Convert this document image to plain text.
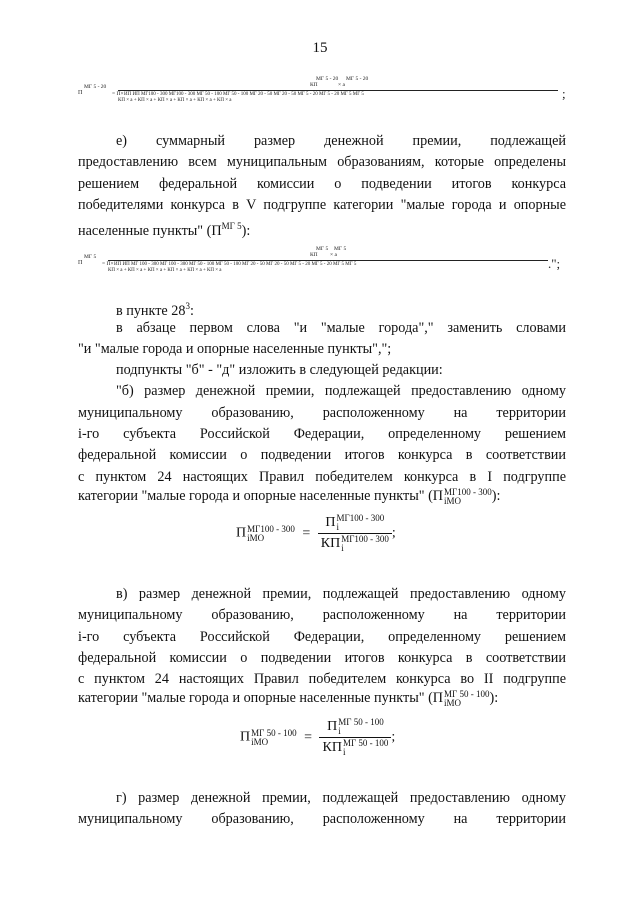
15
П
МГ 5 - 20
= П×
МГ 5 - 20 МГ 5 - 20
КП	× а
ИП ИП МГ100 - 300 МГ100 - 300 МГ 50 - 100 МГ 50 - 100 МГ 20 - 50 МГ 20 - 50 МГ 5 - 20 МГ 5 - 20 МГ 5 МГ 5
КП × а + КП × а + КП × а + КП × а + КП × а + КП × а	;
е) суммарный размер денежной премии, подлежащей
предоставлению всем муниципальным образованиям, которые определены
решением федеральной комиссии о подведении итогов конкурса
победителями конкурса в V подгруппе категории "малые города и опорные
населенные пункты" $(П^{МГ 5})$:
П
МГ 5
= П×
МГ 5 МГ 5
КП × а
ИП ИП МГ 100 - 300 МГ 100 - 300 МГ 50 - 100 МГ 50 - 100 МГ 20 - 50 МГ 20 - 50 МГ 5 - 20 МГ 5 - 20 МГ 5 МГ 5
КП × а + КП × а + КП × а + КП × а + КП × а + КП × а	.";
в пункте $28^3$:
в абзаце первом слова "и "малые города"," заменить словами
"и "малые города и опорные населенные пункты",";
подпункты "б" - "д" изложить в следующей редакции:
"б) размер денежной премии, подлежащей предоставлению одному
муниципальному образованию, расположенному на территории
i-го субъекта Российской Федерации, определенному решением
федеральной комиссии о подведении итогов конкурса в соответствии
с пунктом 24 настоящих Правил победителем конкурса в I подгруппе
категории "малые города и опорные населенные пункты" (П МГ100 - 300
iМО	):
П МГ100 - 300
iМО	= П МГ100 - 300
i
КП МГ100 - 300
i ;
в) размер денежной премии, подлежащей предоставлению одному
муниципальному образованию, расположенному на территории
i-го субъекта Российской Федерации, определенному решением
федеральной комиссии о подведении итогов конкурса в соответствии
с пунктом 24 настоящих Правил победителем конкурса во II подгруппе
категории "малые города и опорные населенные пункты" (П МГ 50 - 100
iМО	):
П МГ 50 - 100
iМО	= П МГ 50 - 100
i
КП МГ 50 - 100
i ;
г) размер денежной премии, подлежащей предоставлению одному
муниципальному образованию, расположенному на территории
